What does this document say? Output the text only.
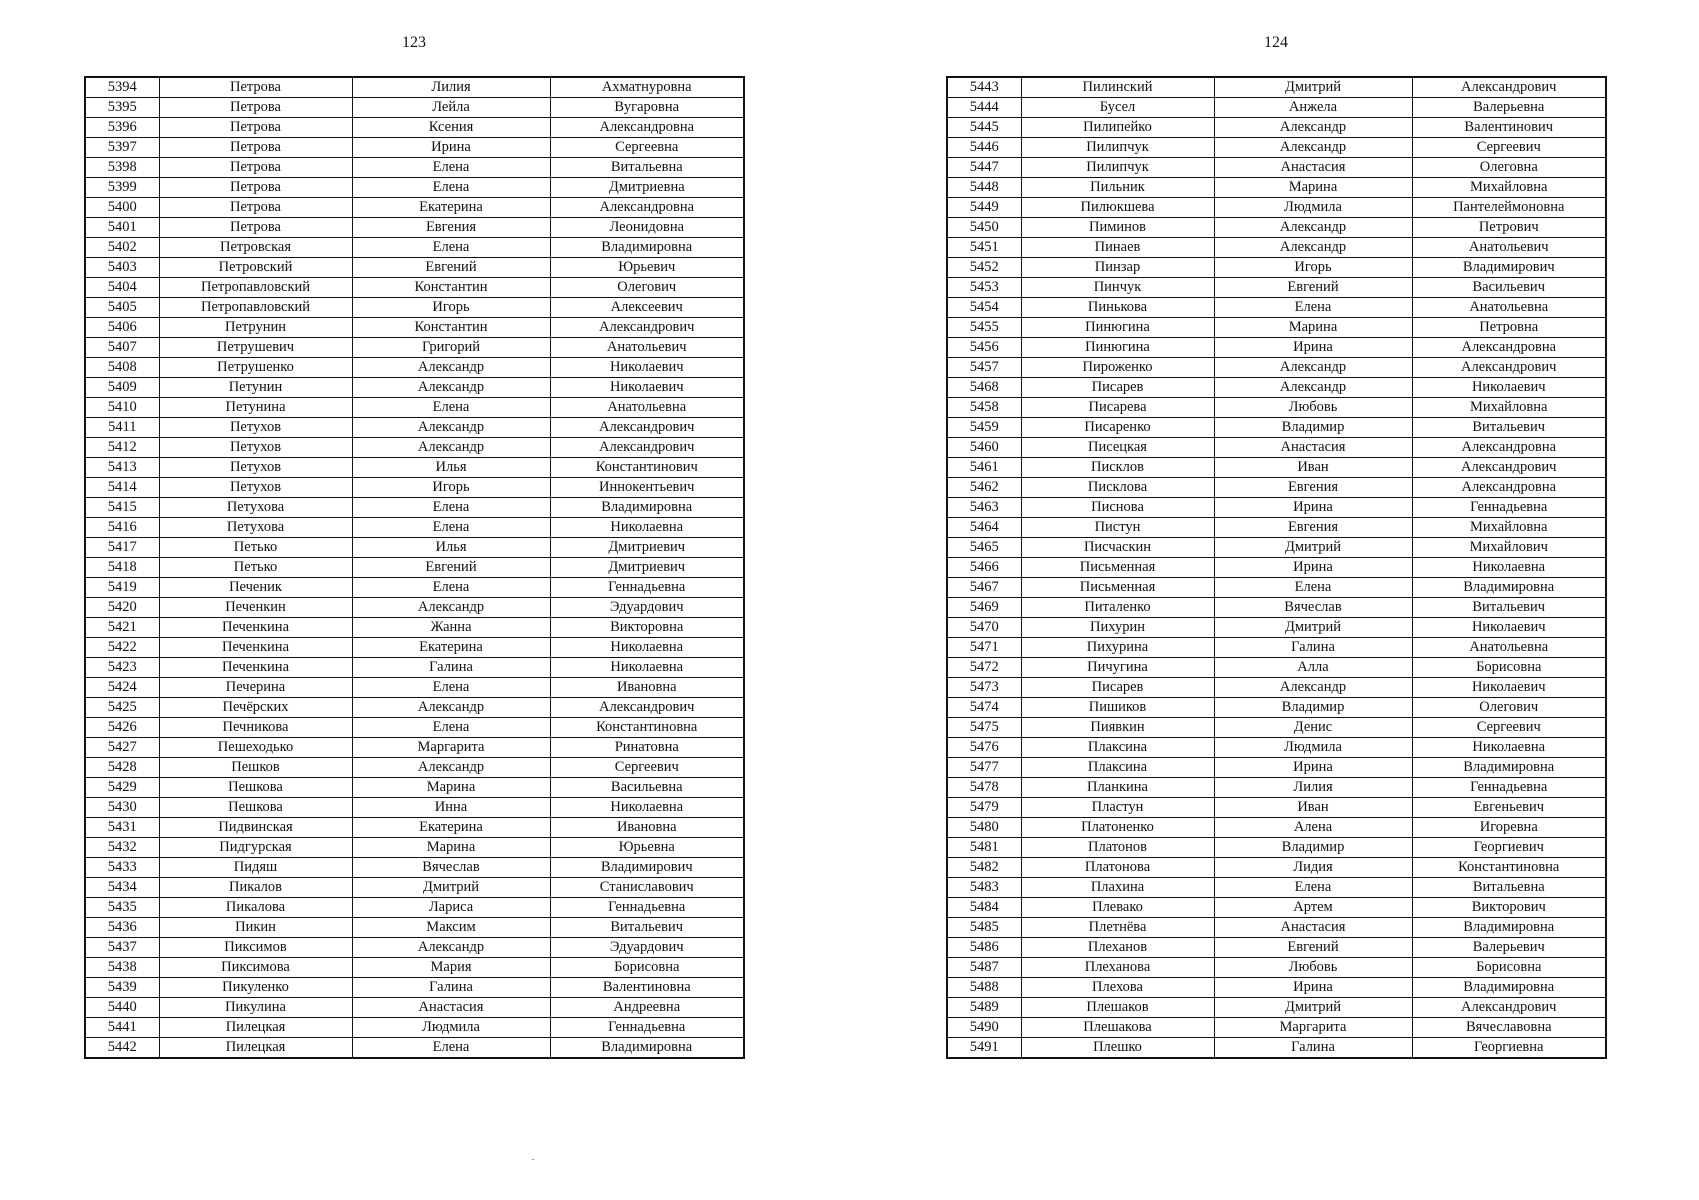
123
5394	Петрова	Лилия	Ахматнуровна
5395	Петрова	Лейла	Вугаровна
5396	Петрова	Ксения	Александровна
5397	Петрова	Ирина	Сергеевна
5398	Петрова	Елена	Витальевна
5399	Петрова	Елена	Дмитриевна
5400	Петрова	Екатерина	Александровна
5401	Петрова	Евгения	Леонидовна
5402	Петровская	Елена	Владимировна
5403	Петровский	Евгений	Юрьевич
5404	Петропавловский	Константин	Олегович
5405	Петропавловский	Игорь	Алексеевич
5406	Петрунин	Константин	Александрович
5407	Петрушевич	Григорий	Анатольевич
5408	Петрушенко	Александр	Николаевич
5409	Петунин	Александр	Николаевич
5410	Петунина	Елена	Анатольевна
5411	Петухов	Александр	Александрович
5412	Петухов	Александр	Александрович
5413	Петухов	Илья	Константинович
5414	Петухов	Игорь	Иннокентьевич
5415	Петухова	Елена	Владимировна
5416	Петухова	Елена	Николаевна
5417	Петько	Илья	Дмитриевич
5418	Петько	Евгений	Дмитриевич
5419	Печеник	Елена	Геннадьевна
5420	Печенкин	Александр	Эдуардович
5421	Печенкина	Жанна	Викторовна
5422	Печенкина	Екатерина	Николаевна
5423	Печенкина	Галина	Николаевна
5424	Печерина	Елена	Ивановна
5425	Печёрских	Александр	Александрович
5426	Печникова	Елена	Константиновна
5427	Пешеходько	Маргарита	Ринатовна
5428	Пешков	Александр	Сергеевич
5429	Пешкова	Марина	Васильевна
5430	Пешкова	Инна	Николаевна
5431	Пидвинская	Екатерина	Ивановна
5432	Пидгурская	Марина	Юрьевна
5433	Пидяш	Вячеслав	Владимирович
5434	Пикалов	Дмитрий	Станиславович
5435	Пикалова	Лариса	Геннадьевна
5436	Пикин	Максим	Витальевич
5437	Пиксимов	Александр	Эдуардович
5438	Пиксимова	Мария	Борисовна
5439	Пикуленко	Галина	Валентиновна
5440	Пикулина	Анастасия	Андреевна
5441	Пилецкая	Людмила	Геннадьевна
5442	Пилецкая	Елена	Владимировна
124
5443	Пилинский	Дмитрий	Александрович
5444	Бусел	Анжела	Валерьевна
5445	Пилипейко	Александр	Валентинович
5446	Пилипчук	Александр	Сергеевич
5447	Пилипчук	Анастасия	Олеговна
5448	Пильник	Марина	Михайловна
5449	Пилюкшева	Людмила	Пантелеймоновна
5450	Пиминов	Александр	Петрович
5451	Пинаев	Александр	Анатольевич
5452	Пинзар	Игорь	Владимирович
5453	Пинчук	Евгений	Васильевич
5454	Пинькова	Елена	Анатольевна
5455	Пинюгина	Марина	Петровна
5456	Пинюгина	Ирина	Александровна
5457	Пироженко	Александр	Александрович
5468	Писарев	Александр	Николаевич
5458	Писарева	Любовь	Михайловна
5459	Писаренко	Владимир	Витальевич
5460	Писецкая	Анастасия	Александровна
5461	Писклов	Иван	Александрович
5462	Писклова	Евгения	Александровна
5463	Писнова	Ирина	Геннадьевна
5464	Пистун	Евгения	Михайловна
5465	Писчаскин	Дмитрий	Михайлович
5466	Письменная	Ирина	Николаевна
5467	Письменная	Елена	Владимировна
5469	Питаленко	Вячеслав	Витальевич
5470	Пихурин	Дмитрий	Николаевич
5471	Пихурина	Галина	Анатольевна
5472	Пичугина	Алла	Борисовна
5473	Писарев	Александр	Николаевич
5474	Пишиков	Владимир	Олегович
5475	Пиявкин	Денис	Сергеевич
5476	Плаксина	Людмила	Николаевна
5477	Плаксина	Ирина	Владимировна
5478	Планкина	Лилия	Геннадьевна
5479	Пластун	Иван	Евгеньевич
5480	Платоненко	Алена	Игоревна
5481	Платонов	Владимир	Георгиевич
5482	Платонова	Лидия	Константиновна
5483	Плахина	Елена	Витальевна
5484	Плевако	Артем	Викторович
5485	Плетнёва	Анастасия	Владимировна
5486	Плеханов	Евгений	Валерьевич
5487	Плеханова	Любовь	Борисовна
5488	Плехова	Ирина	Владимировна
5489	Плешаков	Дмитрий	Александрович
5490	Плешакова	Маргарита	Вячеславовна
5491	Плешко	Галина	Георгиевна
